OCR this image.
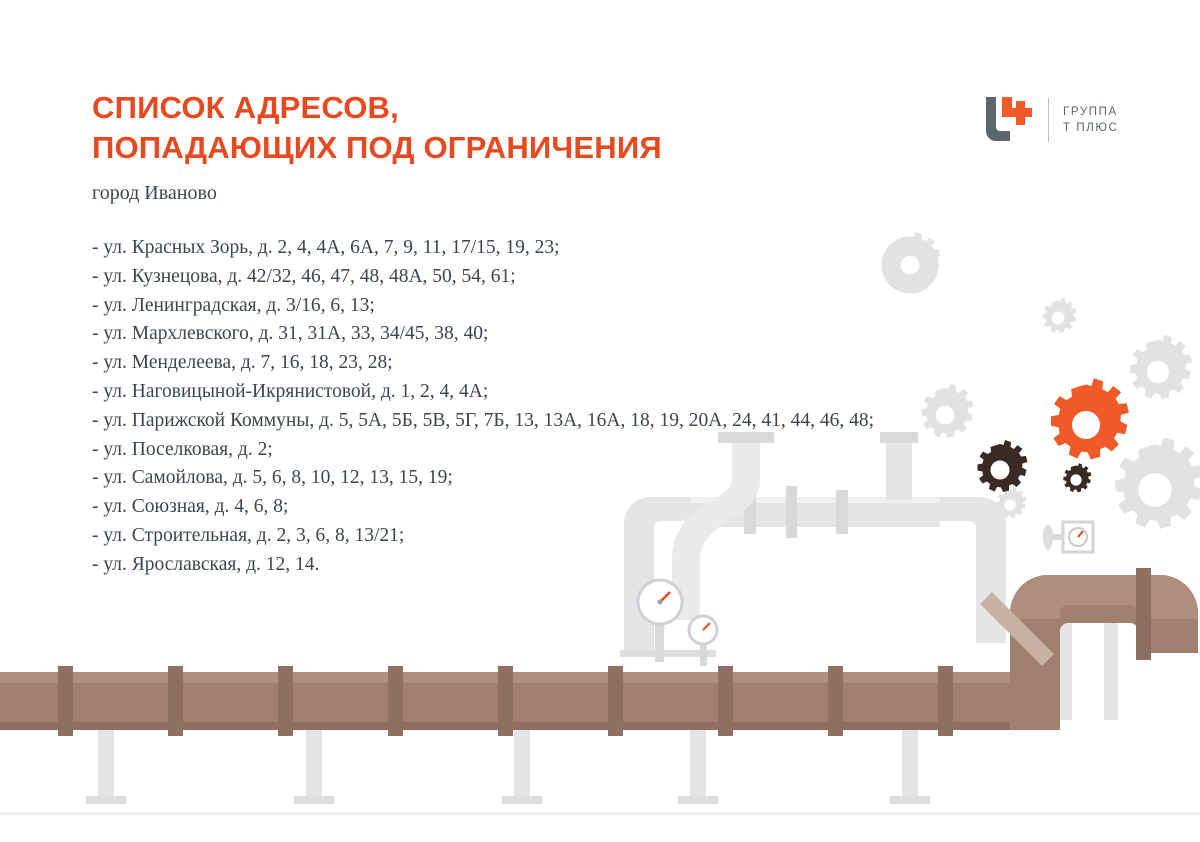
СПИСОК АДРЕСОВ,
ПОПАДАЮЩИХ ПОД ОГРАНИЧЕНИЯ
город Иваново
- ул. Красных Зорь, д. 2, 4, 4А, 6А, 7, 9, 11, 17/15, 19, 23;
- ул. Кузнецова, д. 42/32, 46, 47, 48, 48А, 50, 54, 61;
- ул. Ленинградская, д. 3/16, 6, 13;
- ул. Мархлевского, д. 31, 31А, 33, 34/45, 38, 40;
- ул. Менделеева, д. 7, 16, 18, 23, 28;
- ул. Наговицыной-Икрянистовой, д. 1, 2, 4, 4А;
- ул. Парижской Коммуны, д. 5, 5А, 5Б, 5В, 5Г, 7Б, 13, 13А, 16А, 18, 19, 20А, 24, 41, 44, 46, 48;
- ул. Поселковая, д. 2;
- ул. Самойлова, д. 5, 6, 8, 10, 12, 13, 15, 19;
- ул. Союзная, д. 4, 6, 8;
- ул. Строительная, д. 2, 3, 6, 8, 13/21;
- ул. Ярославская, д. 12, 14.
ГРУППА
Т ПЛЮС
